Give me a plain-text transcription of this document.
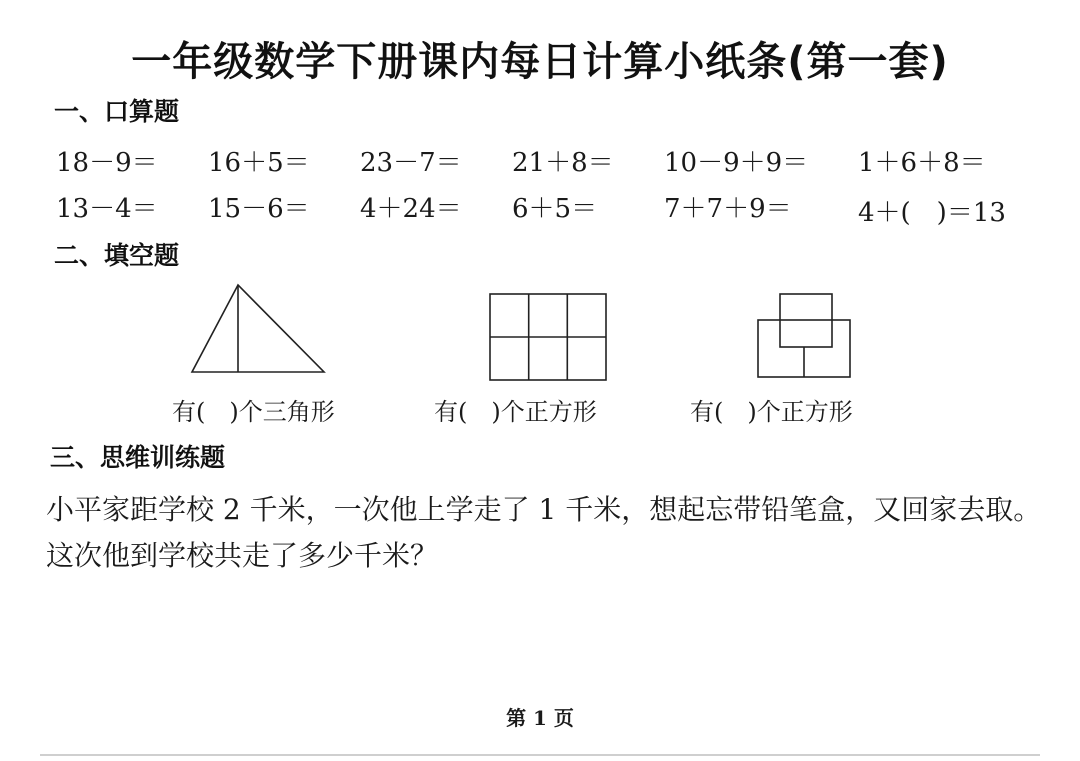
一年级数学下册课内每日计算小纸条(第一套)
一、口算题
18－9＝ 16＋5＝ 23－7＝ 21＋8＝ 10－9＋9＝ 1＋6＋8＝
13－4＝ 15－6＝ 4＋24＝ 6＋5＝	7＋7＋9＝	4＋(　)＝13
二、填空题
有(　)个三角形	有(　)个正方形	有(　)个正方形
三、思维训练题
小平家距学校 2 千米，一次他上学走了 1 千米，想起忘带铅笔盒，又回家去取。
这次他到学校共走了多少千米？
第 1 页
